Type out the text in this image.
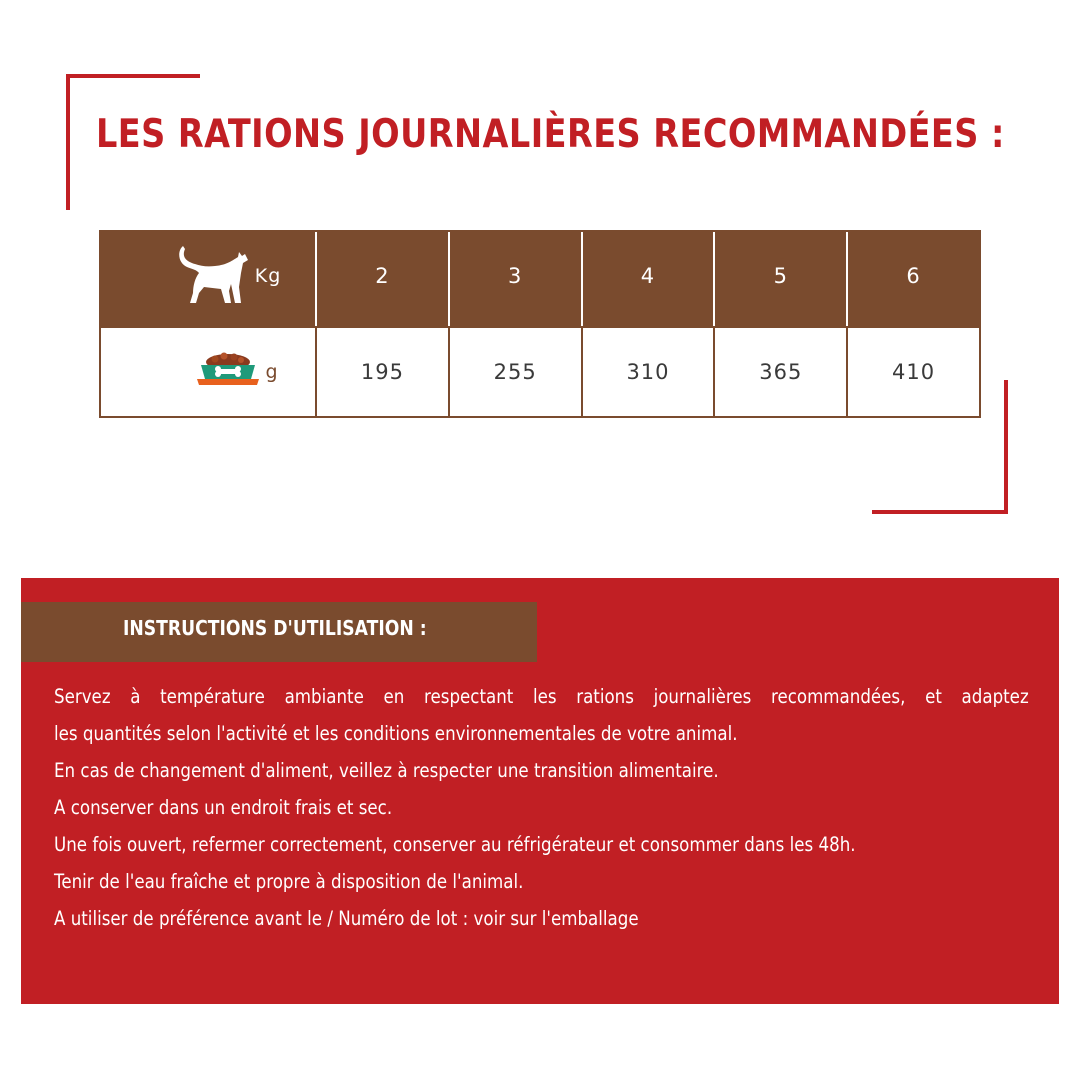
LES RATIONS JOURNALIÈRES RECOMMANDÉES :
Kg	2	3	4	5	6
g	195	255	310	365	410
INSTRUCTIONS D'UTILISATION :

Servez à température ambiante en respectant les rations journalières recommandées, et adaptez

les quantités selon l'activité et les conditions environnementales de votre animal.

En cas de changement d'aliment, veillez à respecter une transition alimentaire.

A conserver dans un endroit frais et sec.

Une fois ouvert, refermer correctement, conserver au réfrigérateur et consommer dans les 48h.

Tenir de l'eau fraîche et propre à disposition de l'animal.

A utiliser de préférence avant le / Numéro de lot : voir sur l'emballage
